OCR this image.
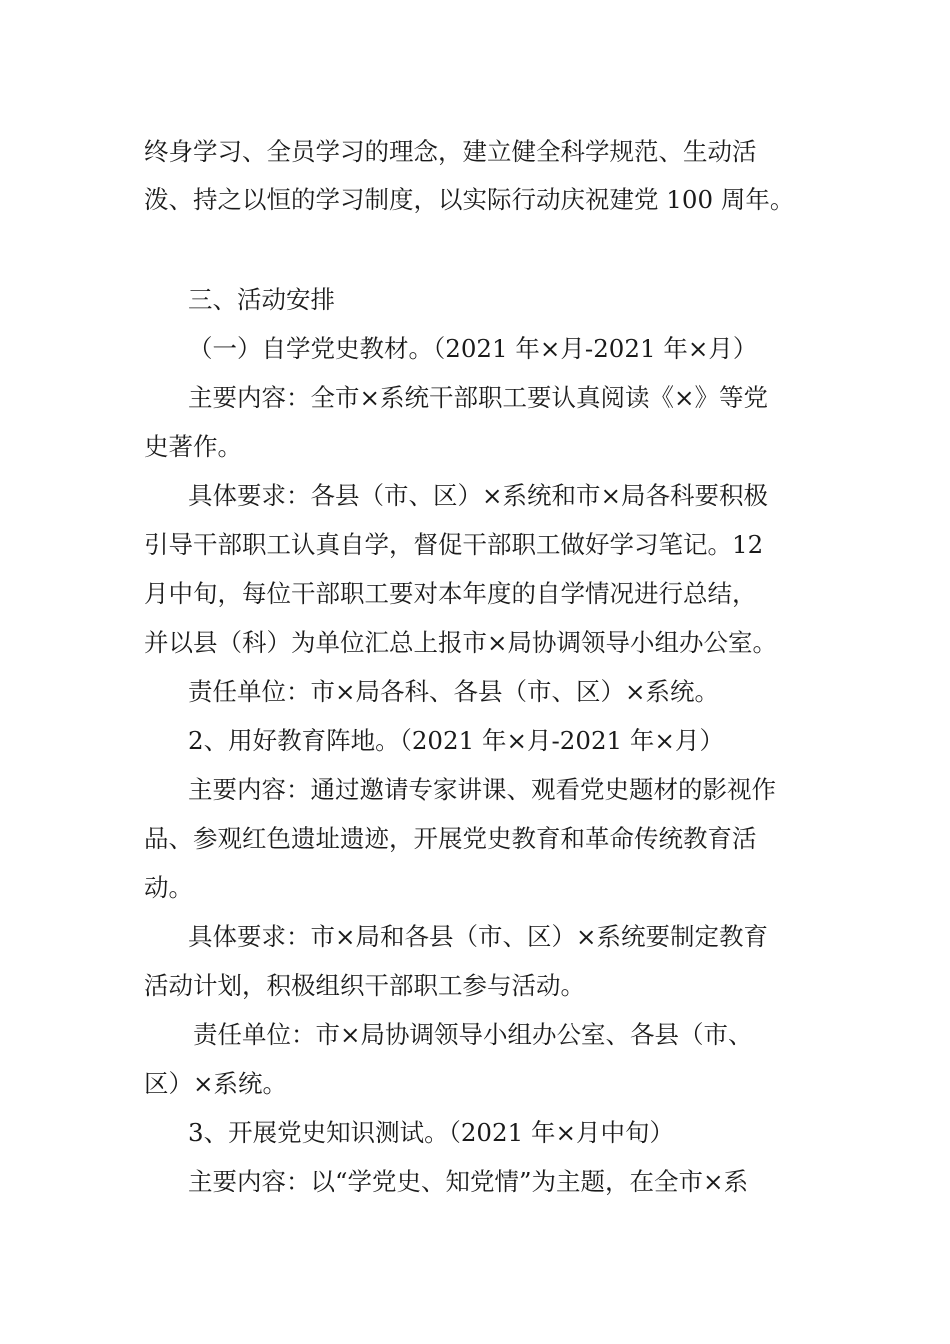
终身学习、全员学习的理念，建立健全科学规范、生动活
泼、持之以恒的学习制度，以实际行动庆祝建党 100 周年。
三、活动安排
（一）自学党史教材。（2021 年×月-2021 年×月）
主要内容：全市×系统干部职工要认真阅读《×》等党
史著作。
具体要求：各县（市、区）×系统和市×局各科要积极
引导干部职工认真自学，督促干部职工做好学习笔记。12
月中旬，每位干部职工要对本年度的自学情况进行总结，
并以县（科）为单位汇总上报市×局协调领导小组办公室。
责任单位：市×局各科、各县（市、区）×系统。
2、用好教育阵地。（2021 年×月-2021 年×月）
主要内容：通过邀请专家讲课、观看党史题材的影视作
品、参观红色遗址遗迹，开展党史教育和革命传统教育活
动。
具体要求：市×局和各县（市、区）×系统要制定教育
活动计划，积极组织干部职工参与活动。
责任单位：市×局协调领导小组办公室、各县（市、
区）×系统。
3、开展党史知识测试。（2021 年×月中旬）
主要内容：以“学党史、知党情”为主题，在全市×系
